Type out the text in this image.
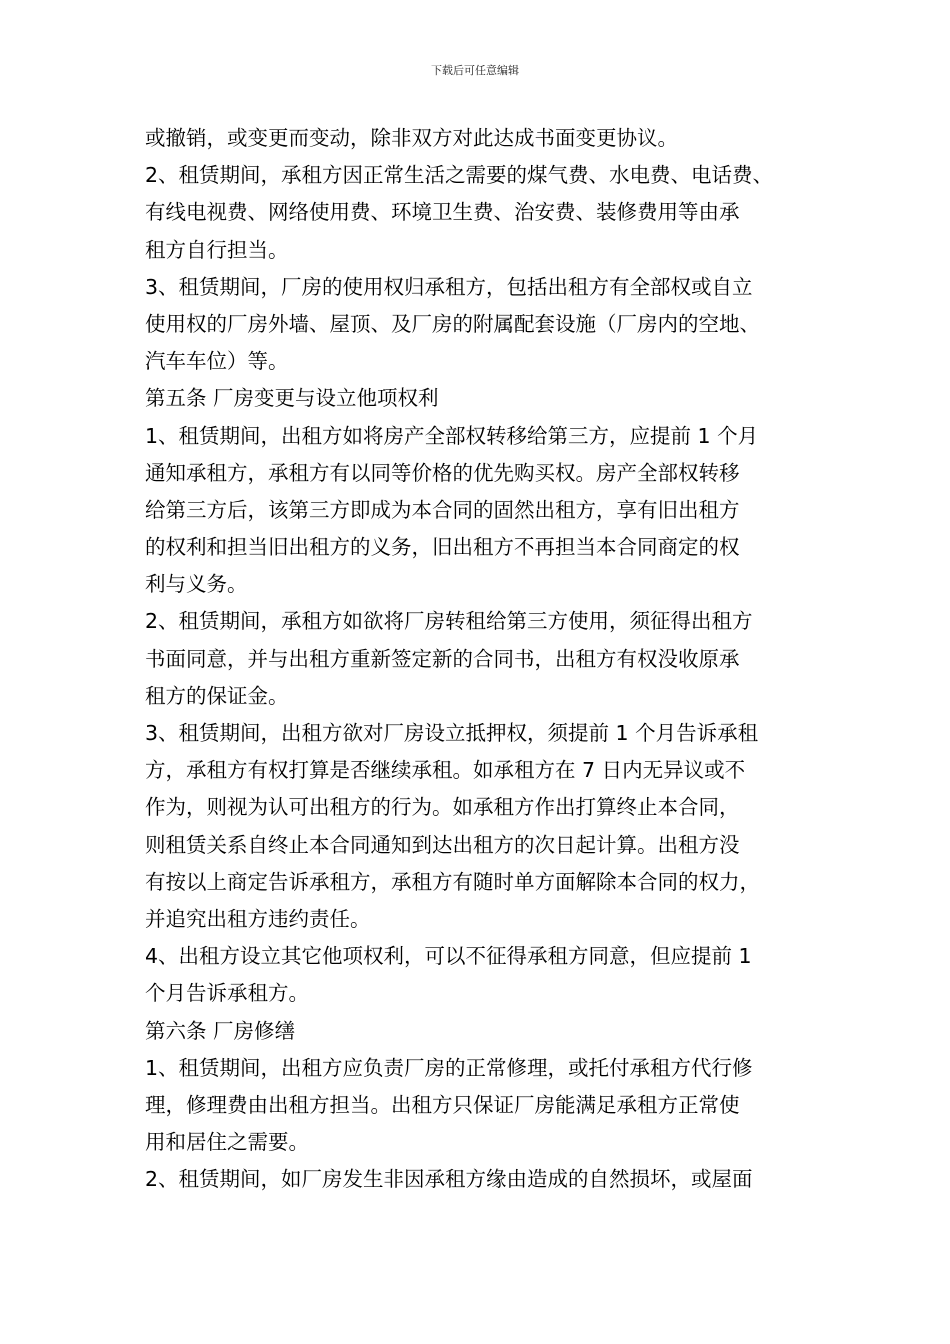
下载后可任意编辑
或撤销，或变更而变动，除非双方对此达成书面变更协议。
2、租赁期间，承租方因正常生活之需要的煤气费、水电费、电话费、
有线电视费、网络使用费、环境卫生费、治安费、装修费用等由承
租方自行担当。
3、租赁期间，厂房的使用权归承租方，包括出租方有全部权或自立
使用权的厂房外墙、屋顶、及厂房的附属配套设施（厂房内的空地、
汽车车位）等。
第五条 厂房变更与设立他项权利
1、租赁期间，出租方如将房产全部权转移给第三方，应提前 1 个月
通知承租方，承租方有以同等价格的优先购买权。房产全部权转移
给第三方后，该第三方即成为本合同的固然出租方，享有旧出租方
的权利和担当旧出租方的义务，旧出租方不再担当本合同商定的权
利与义务。
2、租赁期间，承租方如欲将厂房转租给第三方使用，须征得出租方
书面同意，并与出租方重新签定新的合同书，出租方有权没收原承
租方的保证金。
3、租赁期间，出租方欲对厂房设立抵押权，须提前 1 个月告诉承租
方，承租方有权打算是否继续承租。如承租方在 7 日内无异议或不
作为，则视为认可出租方的行为。如承租方作出打算终止本合同，
则租赁关系自终止本合同通知到达出租方的次日起计算。出租方没
有按以上商定告诉承租方，承租方有随时单方面解除本合同的权力，
并追究出租方违约责任。
4、出租方设立其它他项权利，可以不征得承租方同意，但应提前 1
个月告诉承租方。
第六条 厂房修缮
1、租赁期间，出租方应负责厂房的正常修理，或托付承租方代行修
理，修理费由出租方担当。出租方只保证厂房能满足承租方正常使
用和居住之需要。
2、租赁期间，如厂房发生非因承租方缘由造成的自然损坏，或屋面
